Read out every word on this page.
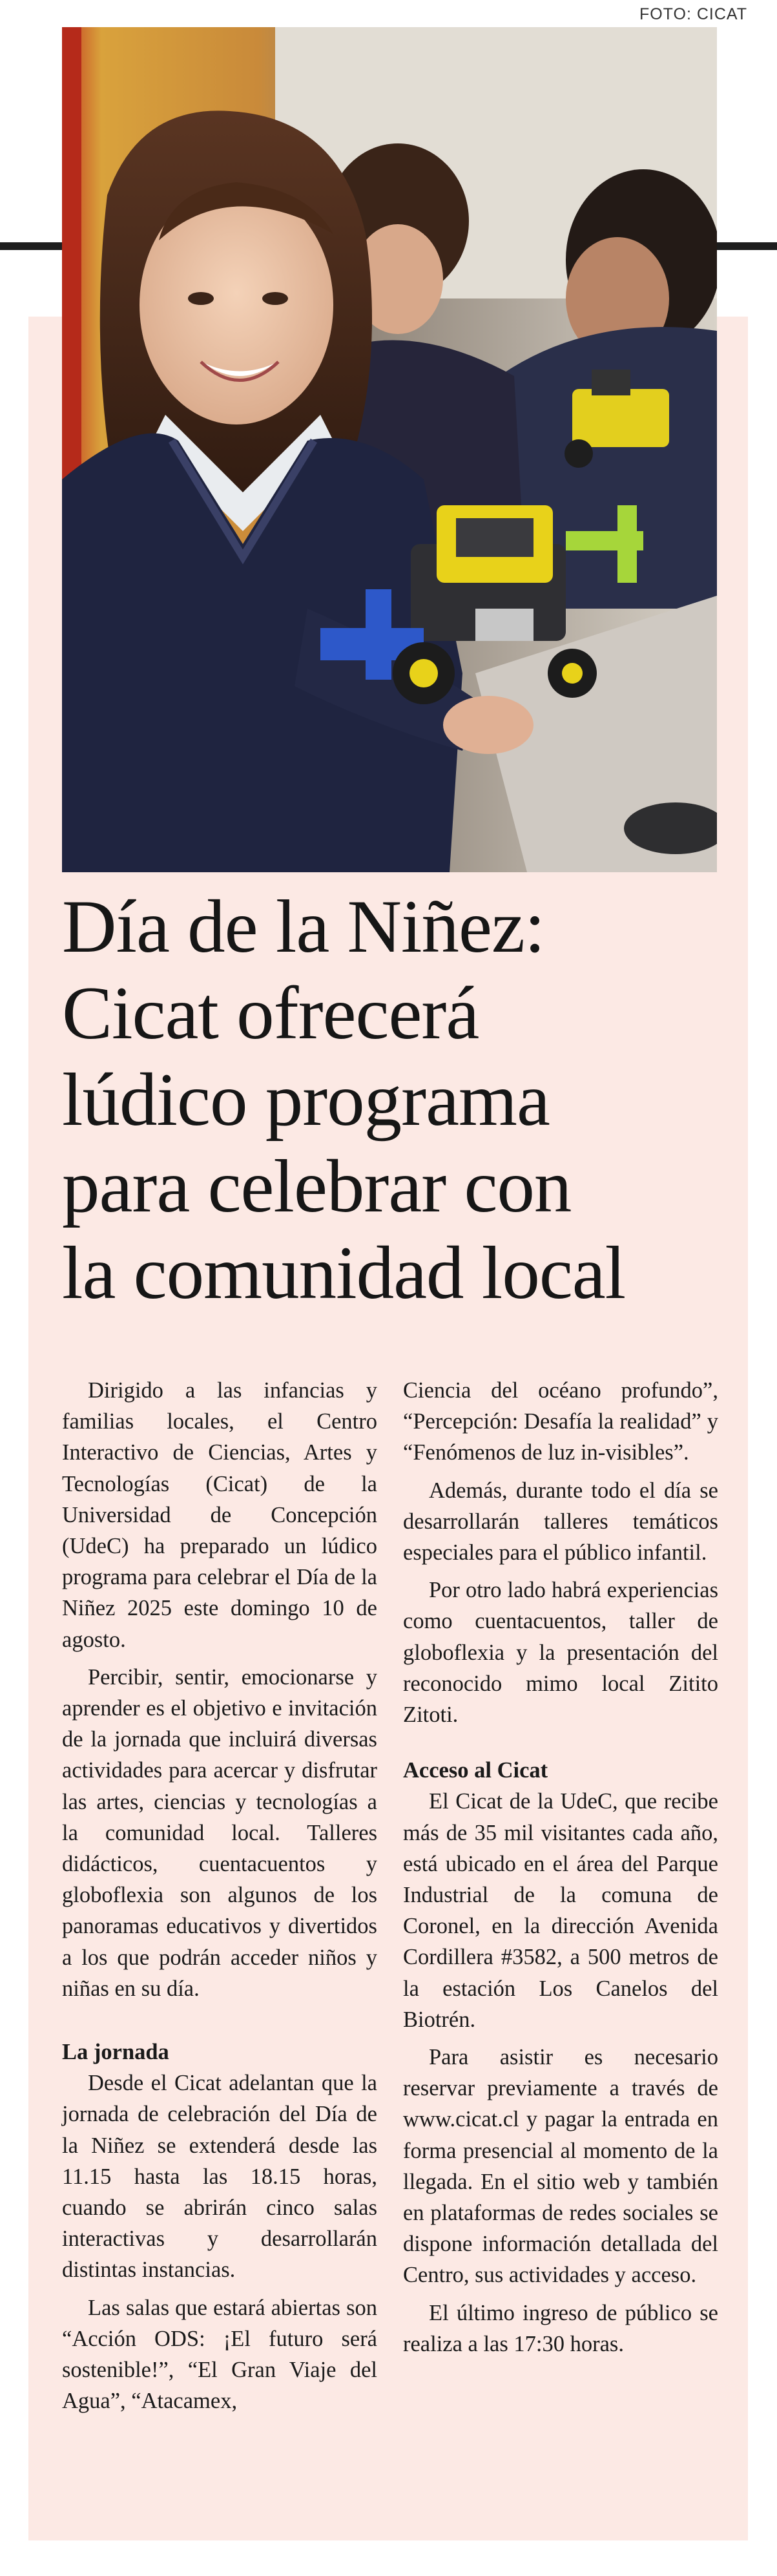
FOTO: CICAT
Día de la Niñez:
Cicat ofrecerá
lúdico programa
para celebrar con
la comunidad local

Dirigido a las infancias y familias locales, el Centro Interactivo de Ciencias, Artes y Tecnologías (Cicat) de la Universidad de Concepción (UdeC) ha preparado un lúdico programa para celebrar el Día de la Niñez 2025 este domingo 10 de agosto.

Percibir, sentir, emocionarse y aprender es el objetivo e invitación de la jornada que incluirá diversas actividades para acercar y disfrutar las artes, ciencias y tecnologías a la comunidad local. Talleres didácticos, cuentacuentos y globoflexia son algunos de los panoramas educativos y divertidos a los que podrán acceder niños y niñas en su día.

La jornada

Desde el Cicat adelantan que la jornada de celebración del Día de la Niñez se extenderá desde las 11.15 hasta las 18.15 horas, cuando se abrirán cinco salas interactivas y desarrollarán distintas instancias.

Las salas que estará abiertas son “Acción ODS: ¡El futuro será sostenible!”, “El Gran Viaje del Agua”, “Atacamex,

Ciencia del océano profundo”, “Percepción: Desafía la realidad” y “Fenómenos de luz in-visibles”.

Además, durante todo el día se desarrollarán talleres temáticos especiales para el público infantil.

Por otro lado habrá experiencias como cuentacuentos, taller de globoflexia y la presentación del reconocido mimo local Zitito Zitoti.

Acceso al Cicat

El Cicat de la UdeC, que recibe más de 35 mil visitantes cada año, está ubicado en el área del Parque Industrial de la comuna de Coronel, en la dirección Avenida Cordillera #3582, a 500 metros de la estación Los Canelos del Biotrén.

Para asistir es necesario reservar previamente a través de www.cicat.cl y pagar la entrada en forma presencial al momento de la llegada. En el sitio web y también en plataformas de redes sociales se dispone información detallada del Centro, sus actividades y acceso.

El último ingreso de público se realiza a las 17:30 horas.
